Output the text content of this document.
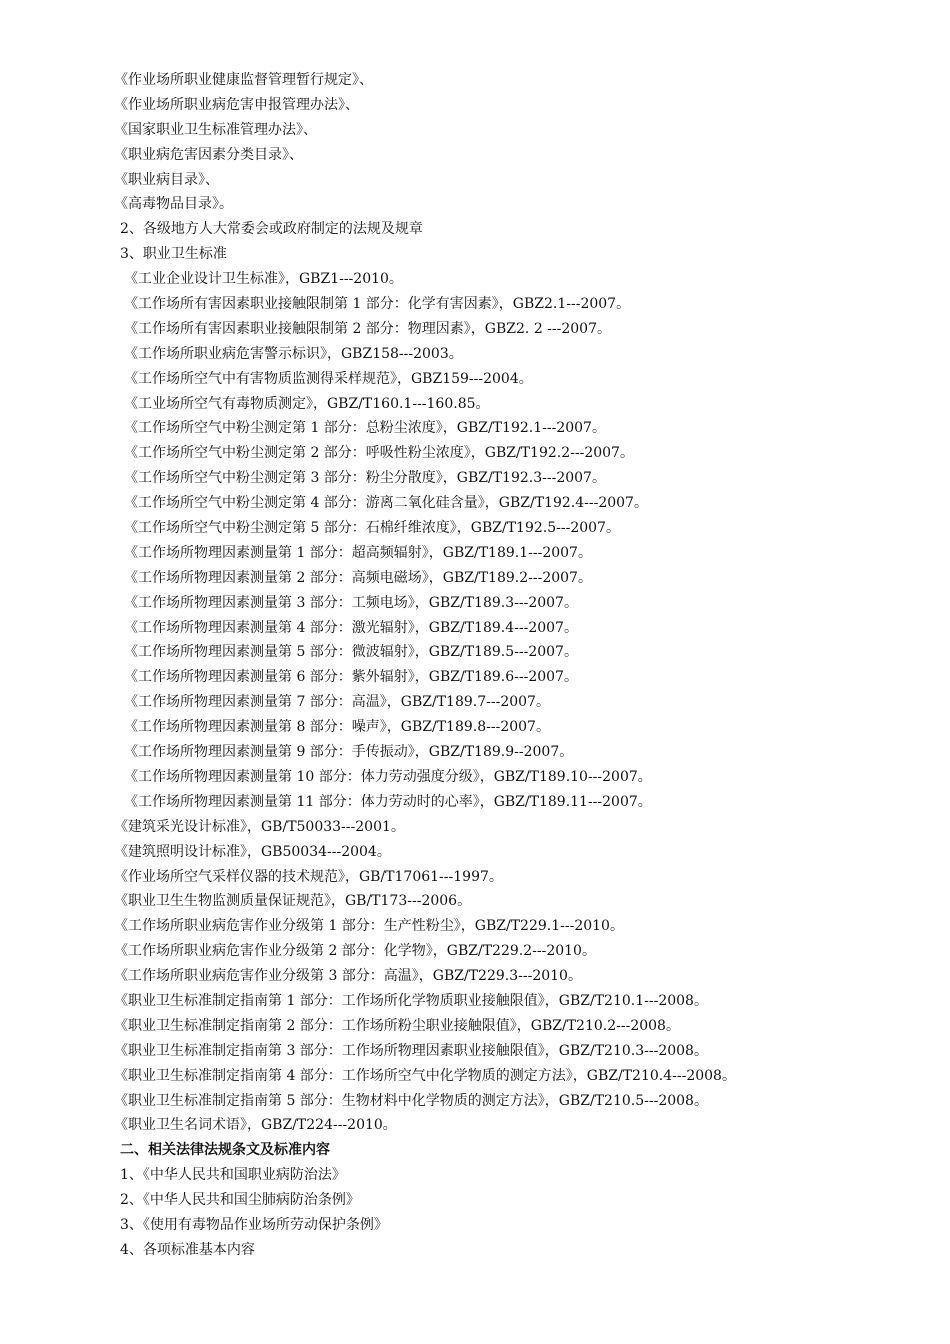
《作业场所职业健康监督管理暂行规定》、
《作业场所职业病危害申报管理办法》、
《国家职业卫生标准管理办法》、
《职业病危害因素分类目录》、
《职业病目录》、
《高毒物品目录》。
2、各级地方人大常委会或政府制定的法规及规章
3、职业卫生标准
《工业企业设计卫生标准》，GBZ1---2010。
《工作场所有害因素职业接触限制第 1 部分：化学有害因素》，GBZ2.1---2007。
《工作场所有害因素职业接触限制第 2 部分：物理因素》，GBZ2. 2 ---2007。
《工作场所职业病危害警示标识》，GBZ158---2003。
《工作场所空气中有害物质监测得采样规范》，GBZ159---2004。
《工业场所空气有毒物质测定》，GBZ/T160.1---160.85。
《工作场所空气中粉尘测定第 1 部分：总粉尘浓度》，GBZ/T192.1---2007。
《工作场所空气中粉尘测定第 2 部分：呼吸性粉尘浓度》，GBZ/T192.2---2007。
《工作场所空气中粉尘测定第 3 部分：粉尘分散度》，GBZ/T192.3---2007。
《工作场所空气中粉尘测定第 4 部分：游离二氧化硅含量》，GBZ/T192.4---2007。
《工作场所空气中粉尘测定第 5 部分：石棉纤维浓度》，GBZ/T192.5---2007。
《工作场所物理因素测量第 1 部分：超高频辐射》，GBZ/T189.1---2007。
《工作场所物理因素测量第 2 部分：高频电磁场》，GBZ/T189.2---2007。
《工作场所物理因素测量第 3 部分：工频电场》，GBZ/T189.3---2007。
《工作场所物理因素测量第 4 部分：激光辐射》，GBZ/T189.4---2007。
《工作场所物理因素测量第 5 部分：微波辐射》，GBZ/T189.5---2007。
《工作场所物理因素测量第 6 部分：紫外辐射》，GBZ/T189.6---2007。
《工作场所物理因素测量第 7 部分：高温》，GBZ/T189.7---2007。
《工作场所物理因素测量第 8 部分：噪声》，GBZ/T189.8---2007。
《工作场所物理因素测量第 9 部分：手传振动》，GBZ/T189.9--2007。
《工作场所物理因素测量第 10 部分：体力劳动强度分级》，GBZ/T189.10---2007。
《工作场所物理因素测量第 11 部分：体力劳动时的心率》，GBZ/T189.11---2007。
《建筑采光设计标准》，GB/T50033---2001。
《建筑照明设计标准》，GB50034---2004。
《作业场所空气采样仪器的技术规范》，GB/T17061---1997。
《职业卫生生物监测质量保证规范》，GB/T173---2006。
《工作场所职业病危害作业分级第 1 部分：生产性粉尘》，GBZ/T229.1---2010。
《工作场所职业病危害作业分级第 2 部分：化学物》，GBZ/T229.2---2010。
《工作场所职业病危害作业分级第 3 部分：高温》，GBZ/T229.3---2010。
《职业卫生标准制定指南第 1 部分：工作场所化学物质职业接触限值》，GBZ/T210.1---2008。
《职业卫生标准制定指南第 2 部分：工作场所粉尘职业接触限值》，GBZ/T210.2---2008。
《职业卫生标准制定指南第 3 部分：工作场所物理因素职业接触限值》，GBZ/T210.3---2008。
《职业卫生标准制定指南第 4 部分：工作场所空气中化学物质的测定方法》，GBZ/T210.4---2008。
《职业卫生标准制定指南第 5 部分：生物材料中化学物质的测定方法》，GBZ/T210.5---2008。
《职业卫生名词术语》，GBZ/T224---2010。
二、相关法律法规条文及标准内容
1、《中华人民共和国职业病防治法》
2、《中华人民共和国尘肺病防治条例》
3、《使用有毒物品作业场所劳动保护条例》
4、各项标准基本内容
